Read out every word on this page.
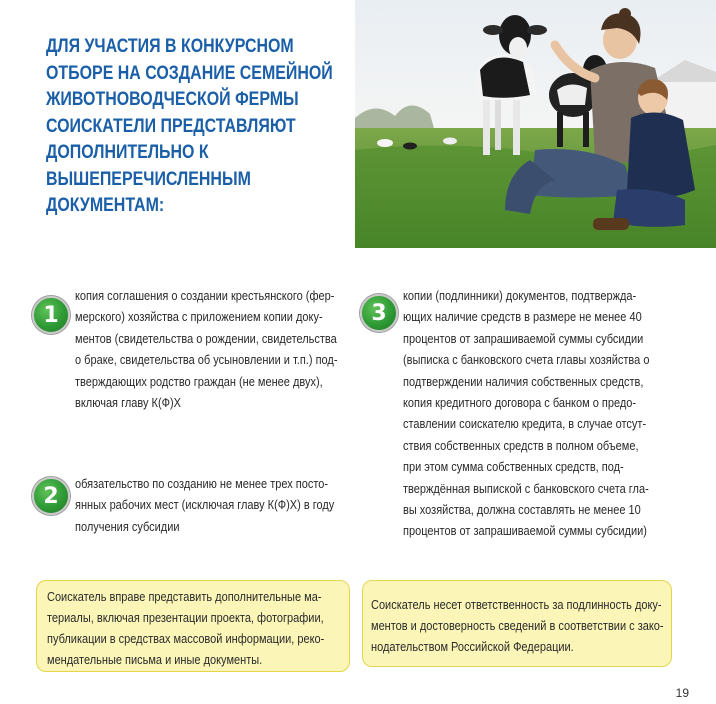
ДЛЯ УЧАСТИЯ В КОНКУРСНОМ
ОТБОРЕ НА СОЗДАНИЕ СЕМЕЙНОЙ
ЖИВОТНОВОДЧЕСКОЙ ФЕРМЫ
СОИСКАТЕЛИ ПРЕДСТАВЛЯЮТ
ДОПОЛНИТЕЛЬНО К
ВЫШЕПЕРЕЧИСЛЕННЫМ
ДОКУМЕНТАМ:
1
копия соглашения о создании крестьянского (фер-
мерского) хозяйства с приложением копии доку-
ментов (свидетельства о рождении, свидетельства
о браке, свидетельства об усыновлении и т.п.) под-
тверждающих родство граждан (не менее двух),
включая главу К(Ф)Х
2	обязательство по созданию не менее трех посто-
янных рабочих мест (исключая главу К(Ф)Х) в году
получения субсидии
3
копии (подлинники) документов, подтвержда-
ющих наличие средств в размере не менее 40
процентов от запрашиваемой суммы субсидии
(выписка с банковского счета главы хозяйства о
подтверждении наличия собственных средств,
копия кредитного договора с банком о предо-
ставлении соискателю кредита, в случае отсут-
ствия собственных средств в полном объеме,
при этом сумма собственных средств, под-
тверждённая выпиской с банковского счета гла-
вы хозяйства, должна составлять не менее 10
процентов от запрашиваемой суммы субсидии)
Соискатель вправе представить дополнительные ма-
териалы, включая презентации проекта, фотографии,
публикации в средствах массовой информации, реко-
мендательные письма и иные документы.
Соискатель несет ответственность за подлинность доку-
ментов и достоверность сведений в соответствии с зако-
нодательством Российской Федерации.
19
